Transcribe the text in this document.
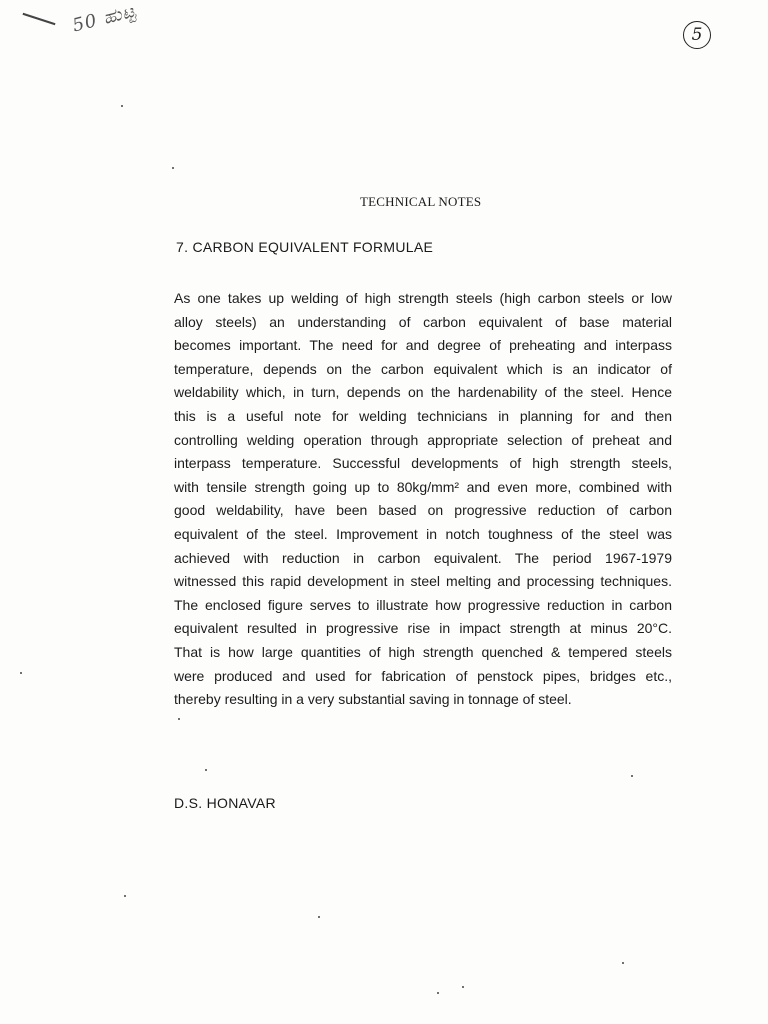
50 ಹುಟ್ಟ	5
TECHNICAL NOTES
7. CARBON EQUIVALENT FORMULAE
As one takes up welding of high strength steels (high carbon steels or low
alloy steels) an understanding of carbon equivalent of base material
becomes important. The need for and degree of preheating and interpass
temperature, depends on the carbon equivalent which is an indicator of
weldability which, in turn, depends on the hardenability of the steel. Hence
this is a useful note for welding technicians in planning for and then
controlling welding operation through appropriate selection of preheat and
interpass temperature. Successful developments of high strength steels,
with tensile strength going up to 80kg/mm² and even more, combined with
good weldability, have been based on progressive reduction of carbon
equivalent of the steel. Improvement in notch toughness of the steel was
achieved with reduction in carbon equivalent. The period 1967-1979
witnessed this rapid development in steel melting and processing techniques.
The enclosed figure serves to illustrate how progressive reduction in carbon
equivalent resulted in progressive rise in impact strength at minus 20°C.
That is how large quantities of high strength quenched & tempered steels
were produced and used for fabrication of penstock pipes, bridges etc.,
thereby resulting in a very substantial saving in tonnage of steel.
D.S. HONAVAR
